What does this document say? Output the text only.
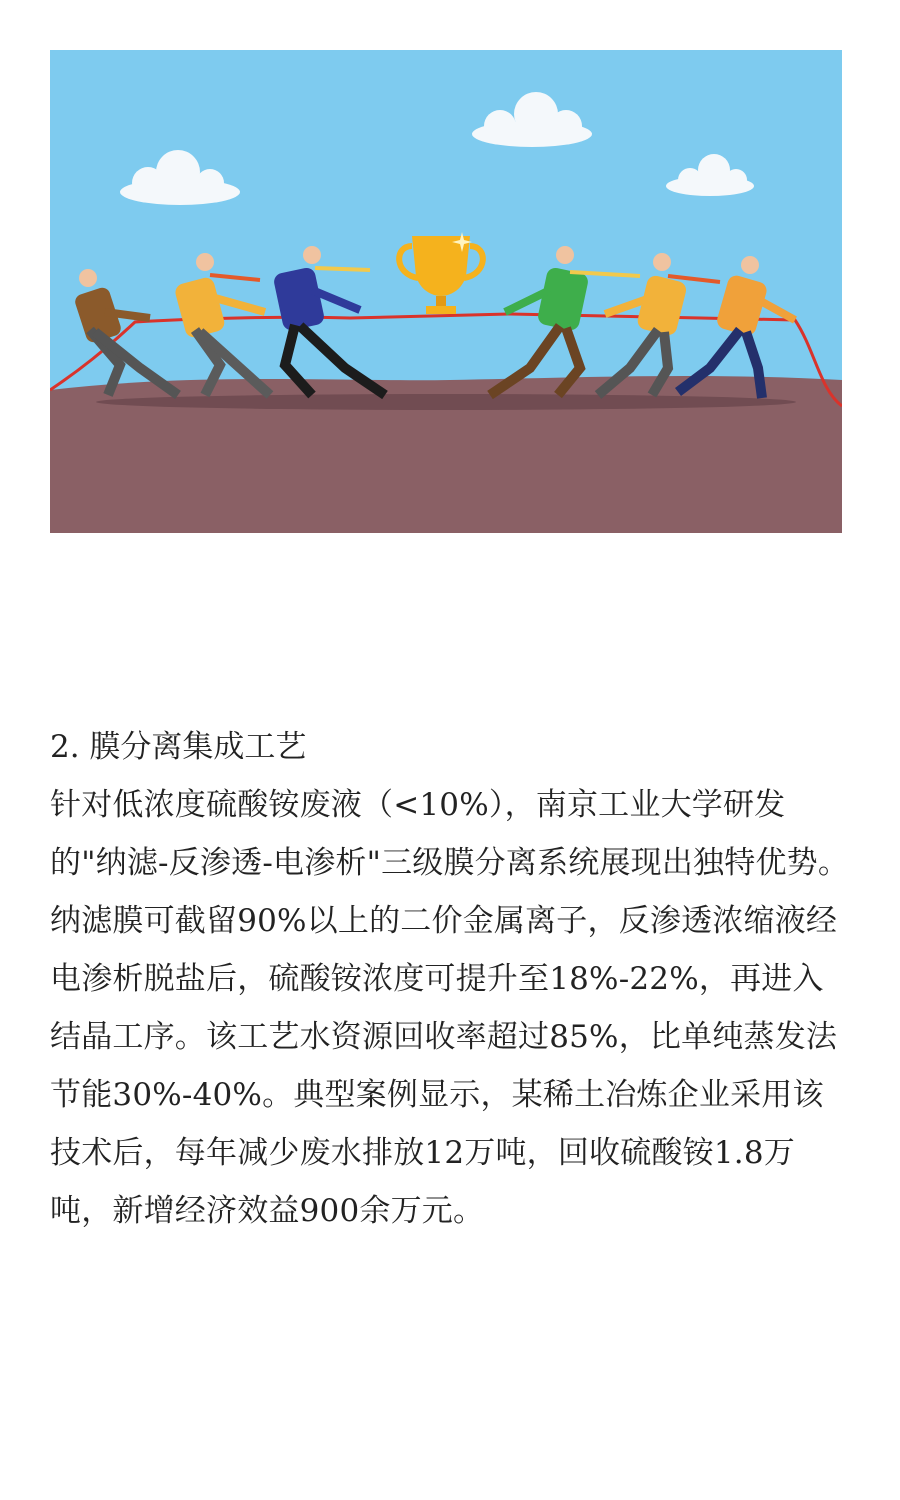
2. 膜分离集成工艺

针对低浓度硫酸铵废液（<10%），南京工业大学研发的"纳滤-反渗透-电渗析"三级膜分离系统展现出独特优势。纳滤膜可截留90%以上的二价金属离子，反渗透浓缩液经电渗析脱盐后，硫酸铵浓度可提升至18%-22%，再进入结晶工序。该工艺水资源回收率超过85%，比单纯蒸发法节能30%-40%。典型案例显示，某稀土冶炼企业采用该技术后，每年减少废水排放12万吨，回收硫酸铵1.8万吨，新增经济效益900余万元。
